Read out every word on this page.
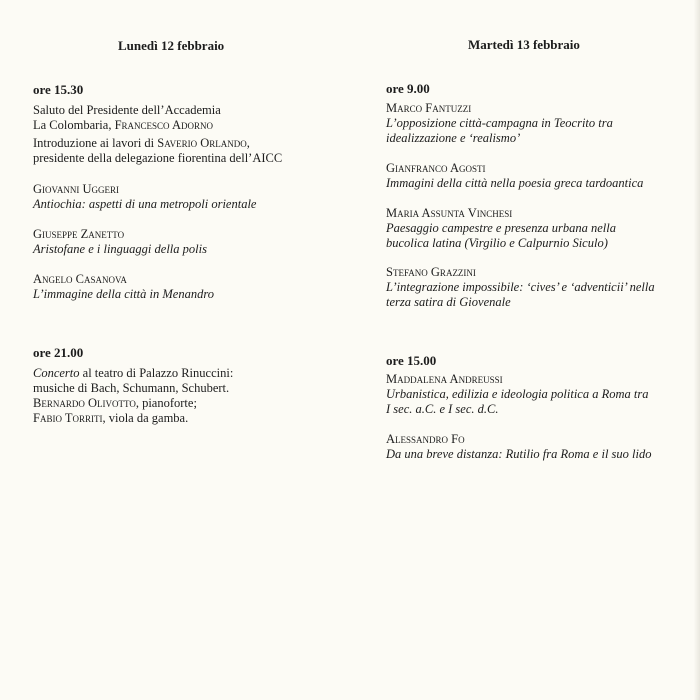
Lunedì 12 febbraio
ore 15.30
Saluto del Presidente dell’Accademia
La Colombaria, Francesco Adorno
Introduzione ai lavori di Saverio Orlando,
presidente della delegazione fiorentina dell’AICC
Giovanni Uggeri
Antiochia: aspetti di una metropoli orientale
Giuseppe Zanetto
Aristofane e i linguaggi della polis
Angelo Casanova
L’immagine della città in Menandro
ore 21.00
Concerto al teatro di Palazzo Rinuccini:
musiche di Bach, Schumann, Schubert.
Bernardo Olivotto, pianoforte;
Fabio Torriti, viola da gamba.
Martedì 13 febbraio
ore 9.00
Marco Fantuzzi
L’opposizione città-campagna in Teocrito tra
idealizzazione e ‘realismo’
Gianfranco Agosti
Immagini della città nella poesia greca tardoantica
Maria Assunta Vinchesi
Paesaggio campestre e presenza urbana nella
bucolica latina (Virgilio e Calpurnio Siculo)
Stefano Grazzini
L’integrazione impossibile: ‘cives’ e ‘adventicii’ nella
terza satira di Giovenale
ore 15.00
Maddalena Andreussi
Urbanistica, edilizia e ideologia politica a Roma tra
I sec. a.C. e I sec. d.C.
Alessandro Fo
Da una breve distanza: Rutilio fra Roma e il suo lido
